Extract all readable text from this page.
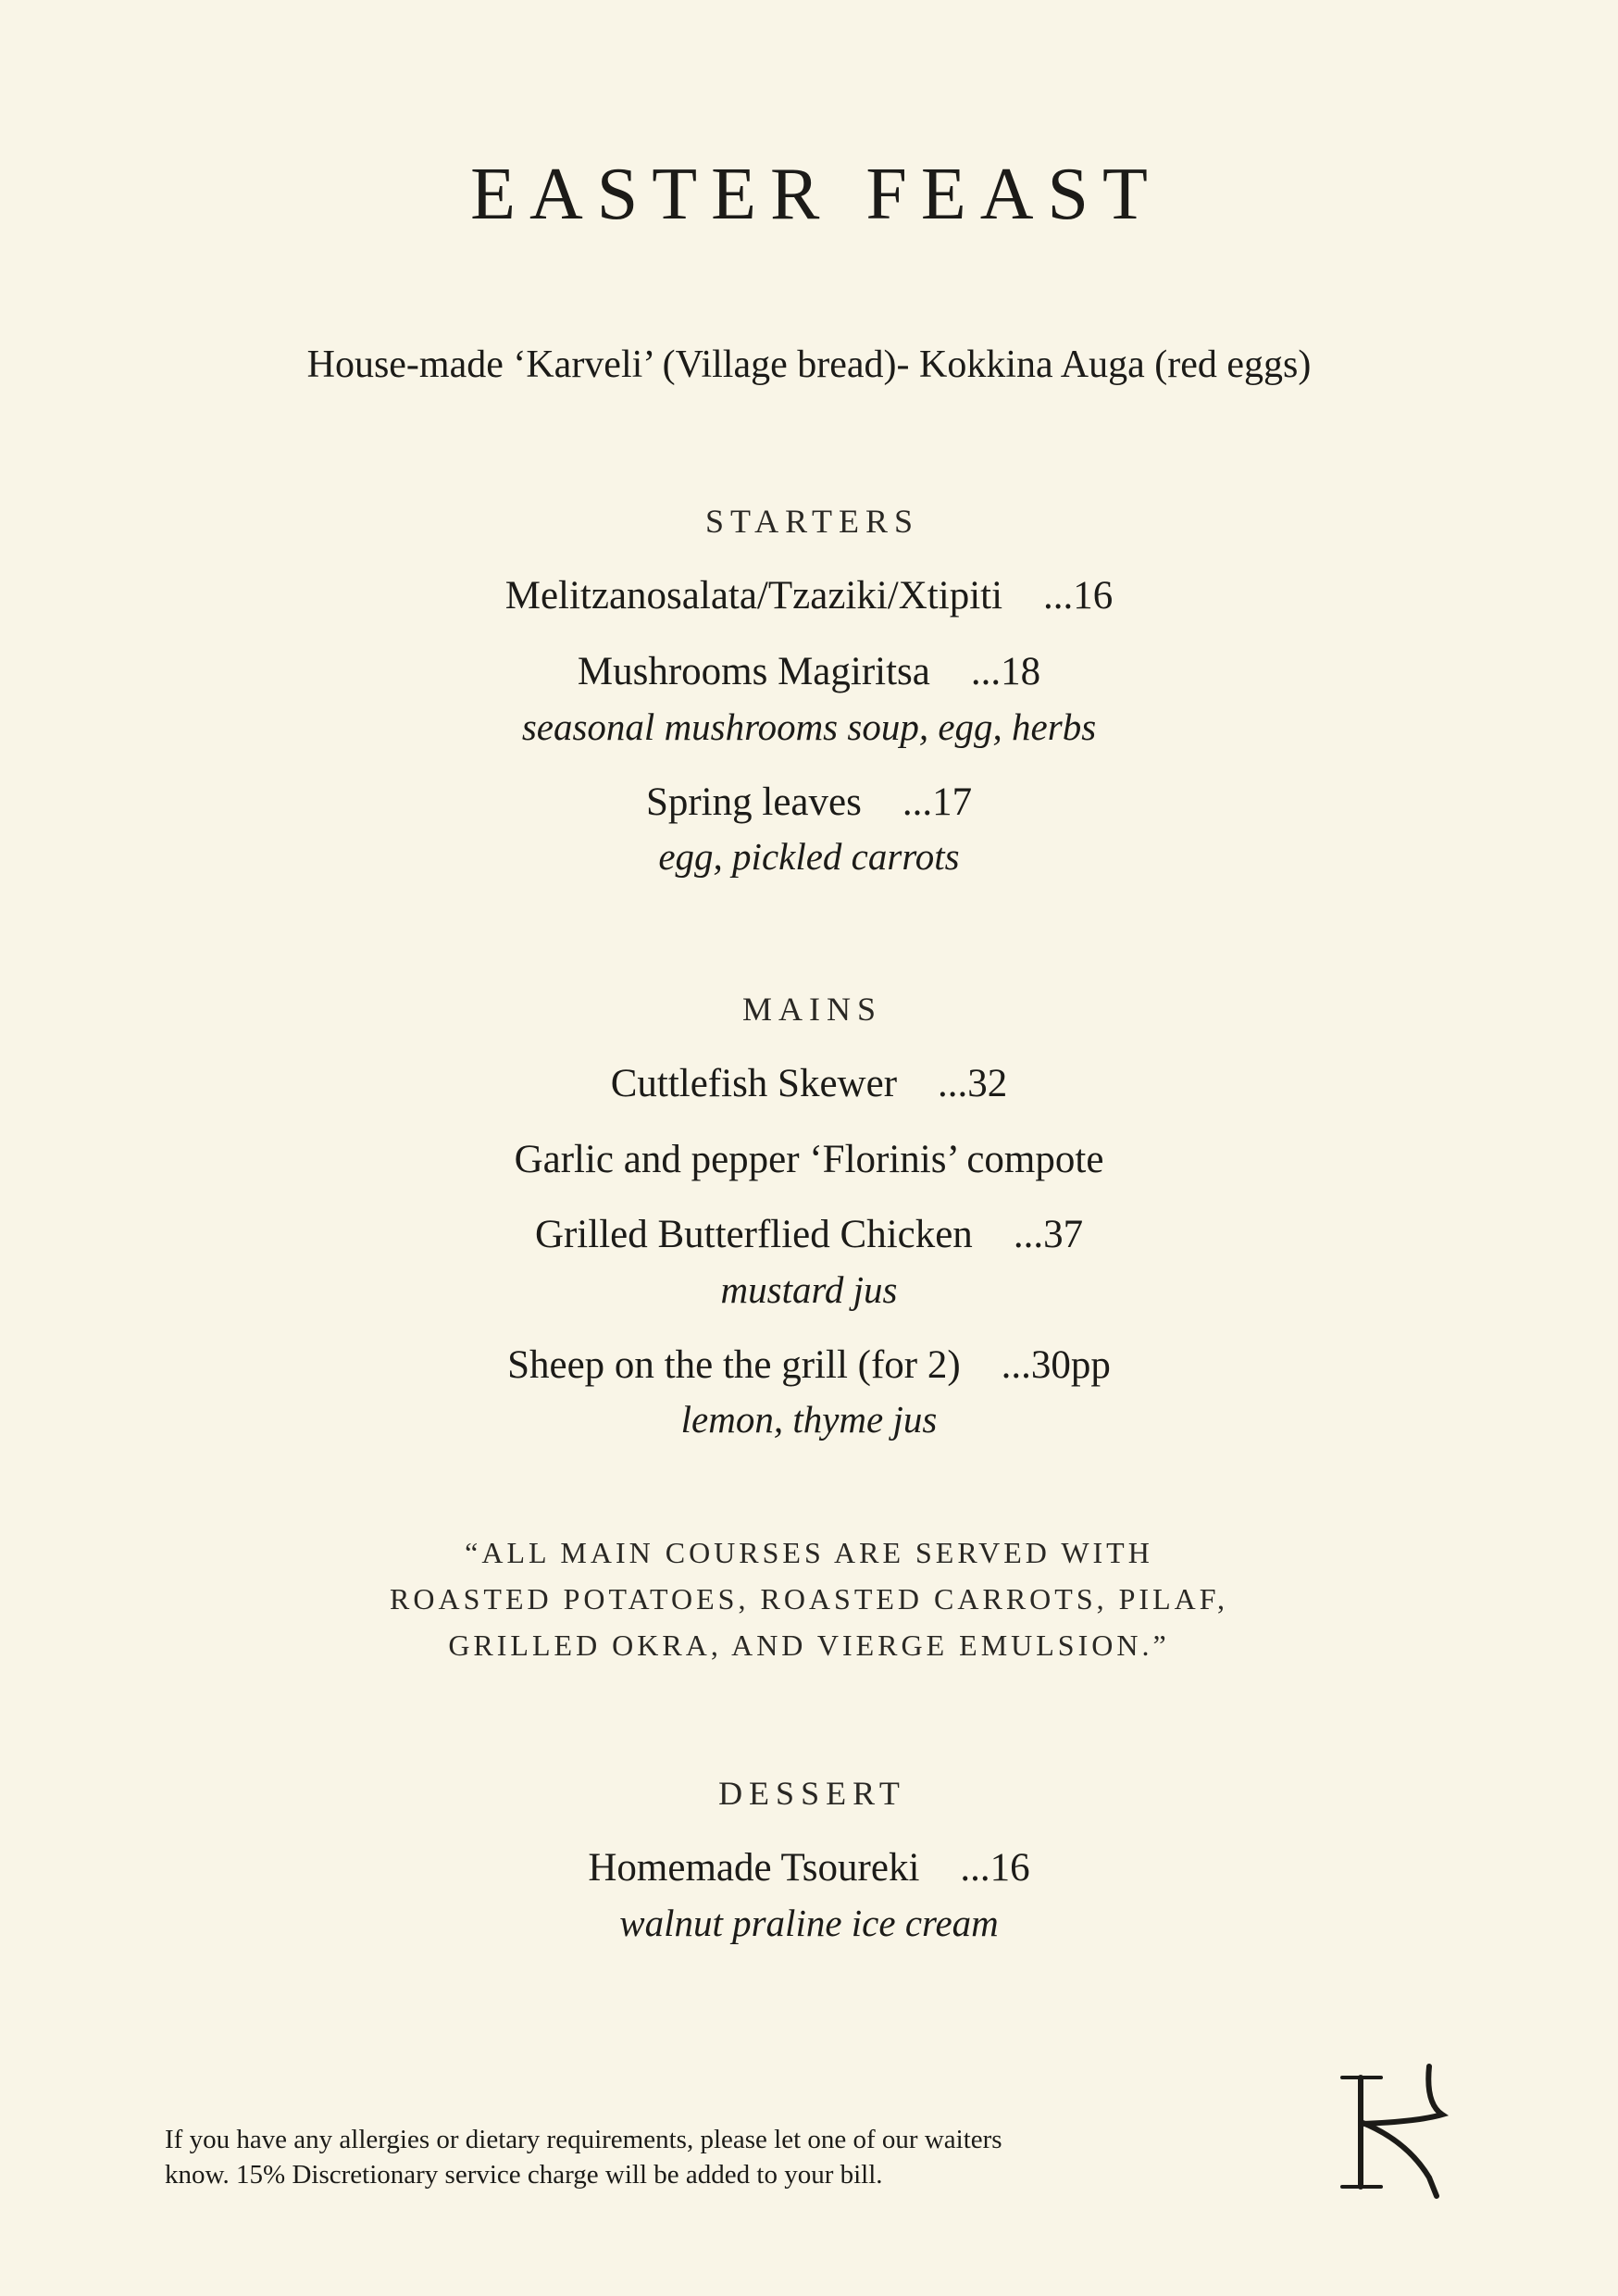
EASTER FEAST
House-made ‘Karveli’ (Village bread)- Kokkina Auga (red eggs)
STARTERS
Melitzanosalata/Tzaziki/Xtipiti ...16
Mushrooms Magiritsa ...18
seasonal mushrooms soup, egg, herbs
Spring leaves ...17
egg, pickled carrots
MAINS
Cuttlefish Skewer ...32
Garlic and pepper ‘Florinis’ compote
Grilled Butterflied Chicken ...37
mustard jus
Sheep on the the grill (for 2) ...30pp
lemon, thyme jus
“ALL MAIN COURSES ARE SERVED WITH
ROASTED POTATOES, ROASTED CARROTS, PILAF,
GRILLED OKRA, AND VIERGE EMULSION.”
DESSERT
Homemade Tsoureki ...16
walnut praline ice cream
If you have any allergies or dietary requirements, please let one of our waiters
know. 15% Discretionary service charge will be added to your bill.
